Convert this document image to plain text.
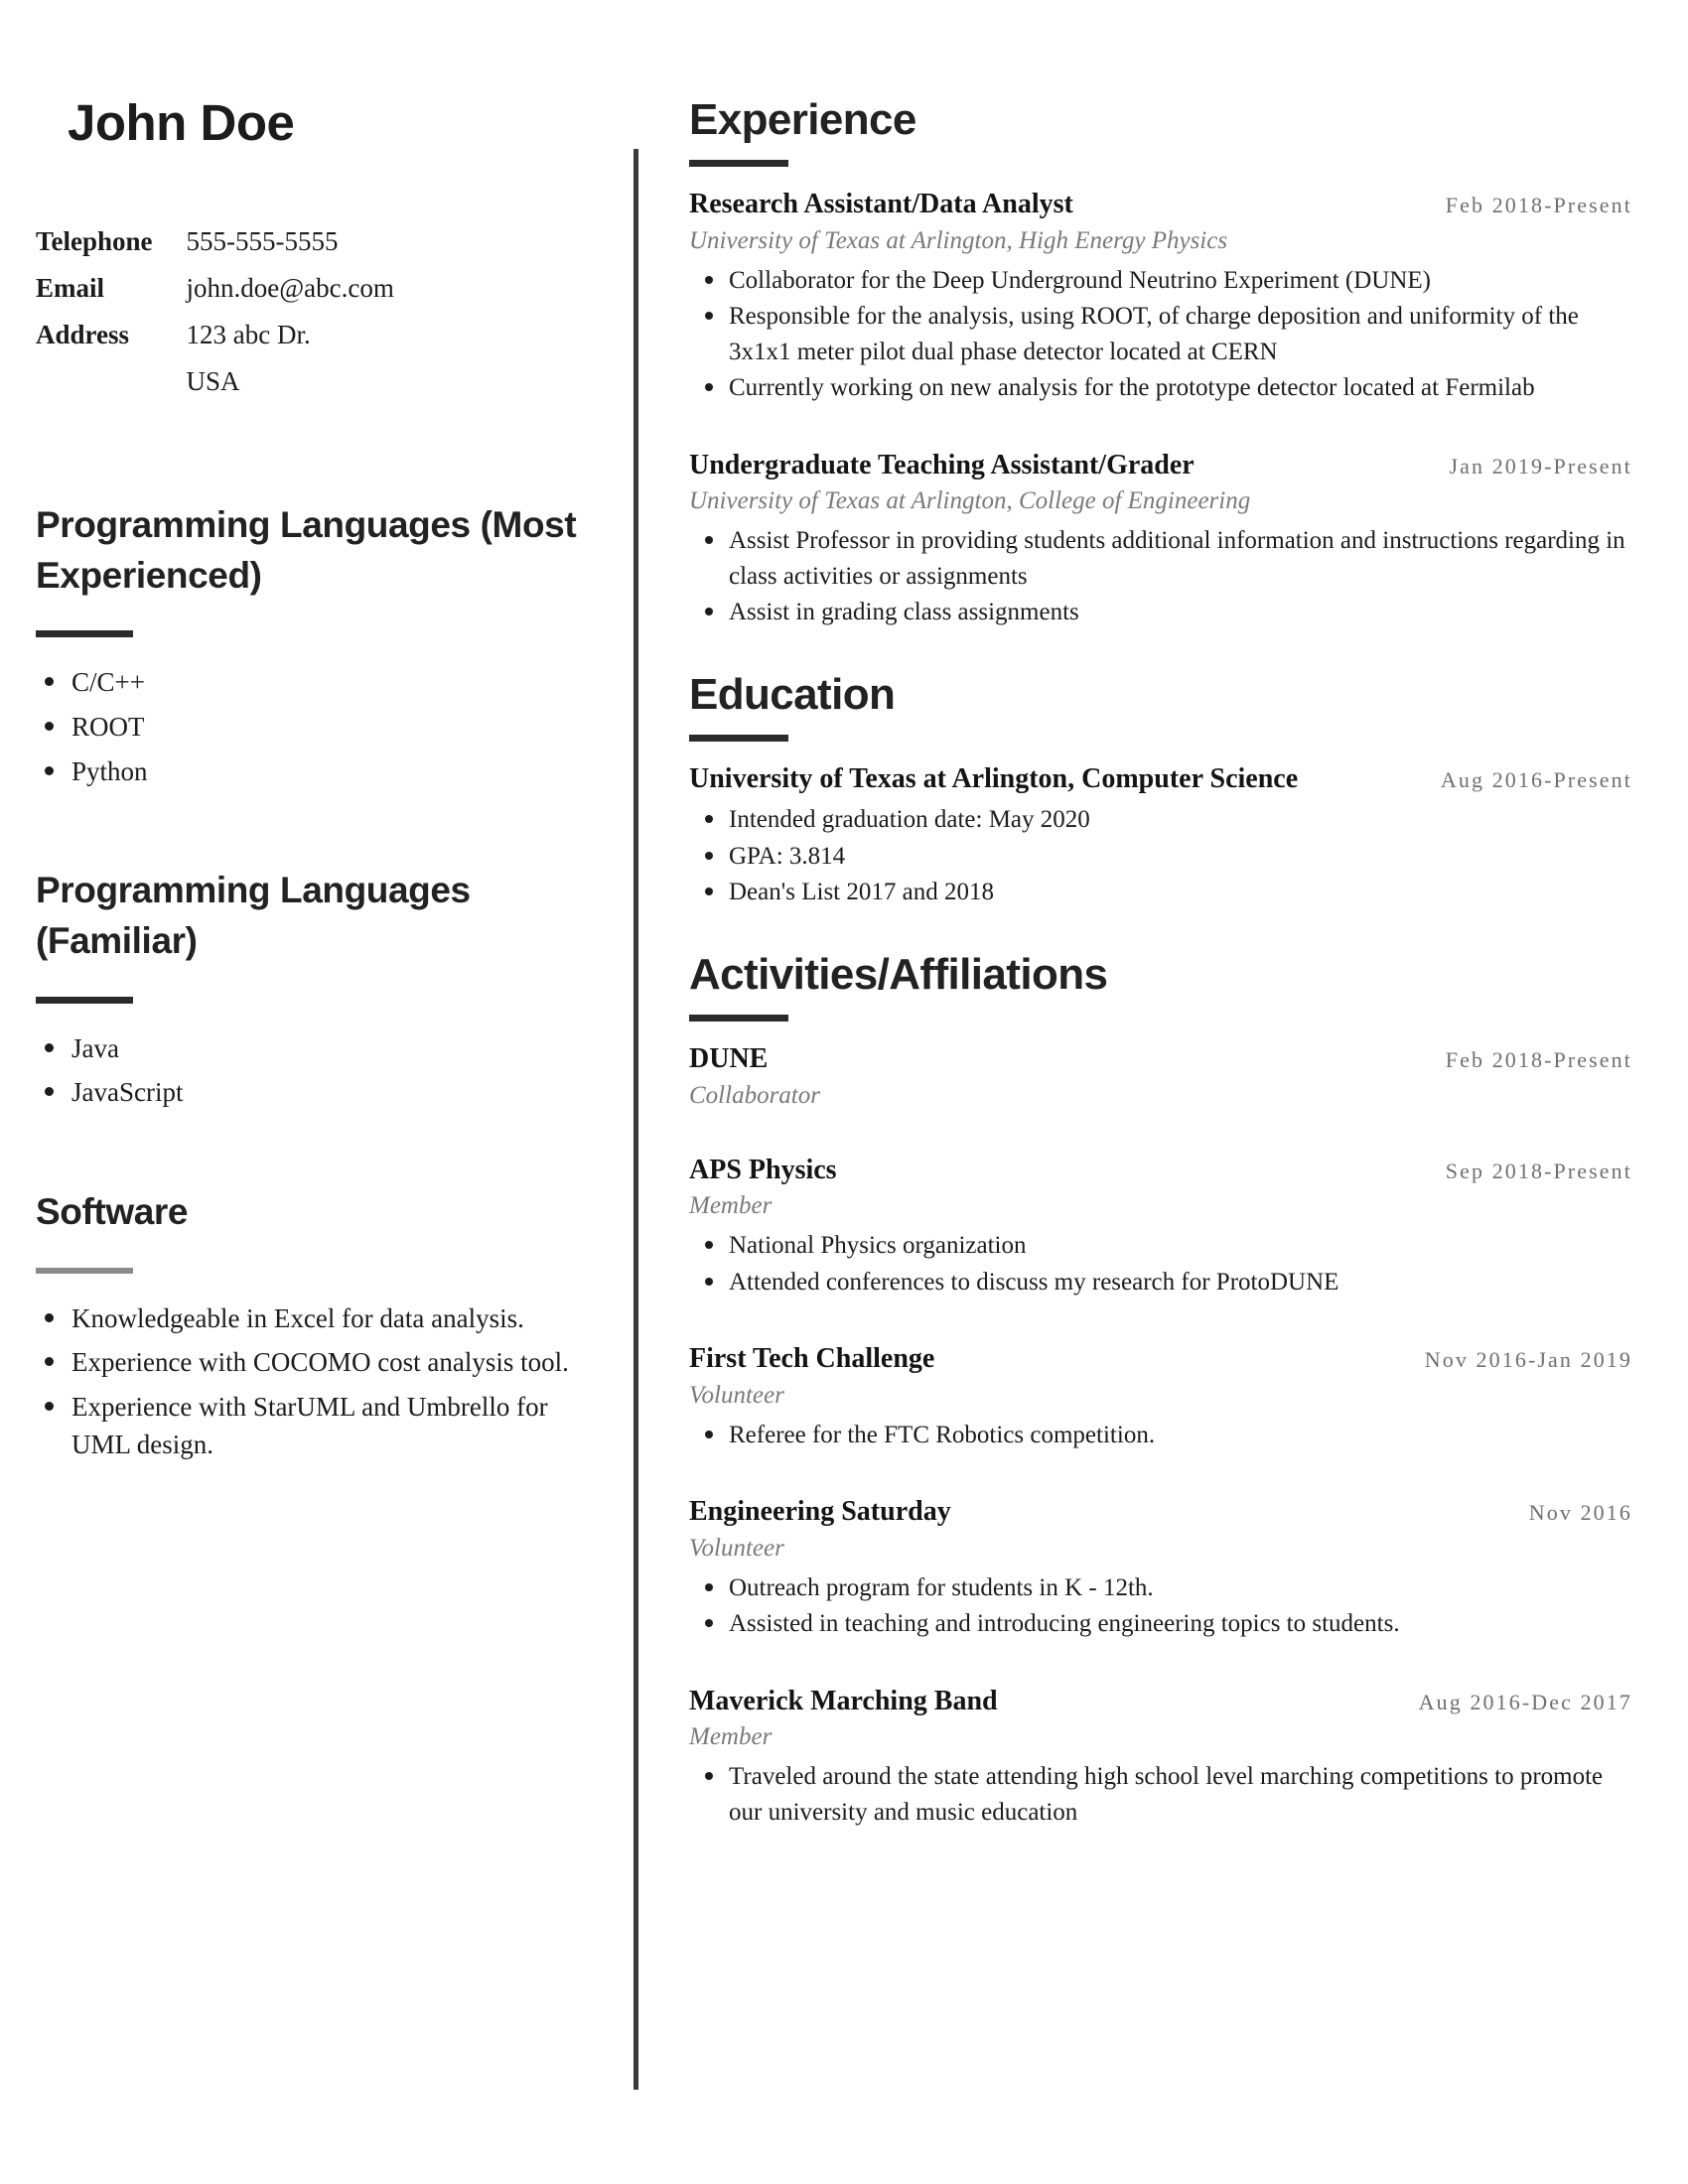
John Doe
Telephone	555-555-5555
Email	john.doe@abc.com
Address	123 abc Dr.
	USA
Programming Languages (Most Experienced)
C/C++
ROOT
Python
Programming Languages (Familiar)
Java
JavaScript
Software
Knowledgeable in Excel for data analysis.
Experience with COCOMO cost analysis tool.
Experience with StarUML and Umbrello for UML design.
Experience
Research Assistant/Data Analyst	Feb 2018-Present
University of Texas at Arlington, High Energy Physics
Collaborator for the Deep Underground Neutrino Experiment (DUNE)
Responsible for the analysis, using ROOT, of charge deposition and uniformity of the 3x1x1 meter pilot dual phase detector located at CERN
Currently working on new analysis for the prototype detector located at Fermilab
Undergraduate Teaching Assistant/Grader	Jan 2019-Present
University of Texas at Arlington, College of Engineering
Assist Professor in providing students additional information and instructions regarding in class activities or assignments
Assist in grading class assignments
Education
University of Texas at Arlington, Computer Science	Aug 2016-Present
Intended graduation date: May 2020
GPA: 3.814
Dean's List 2017 and 2018
Activities/Affiliations
DUNE	Feb 2018-Present
Collaborator
APS Physics	Sep 2018-Present
Member
National Physics organization
Attended conferences to discuss my research for ProtoDUNE
First Tech Challenge	Nov 2016-Jan 2019
Volunteer
Referee for the FTC Robotics competition.
Engineering Saturday	Nov 2016
Volunteer
Outreach program for students in K - 12th.
Assisted in teaching and introducing engineering topics to students.
Maverick Marching Band	Aug 2016-Dec 2017
Member
Traveled around the state attending high school level marching competitions to promote our university and music education
